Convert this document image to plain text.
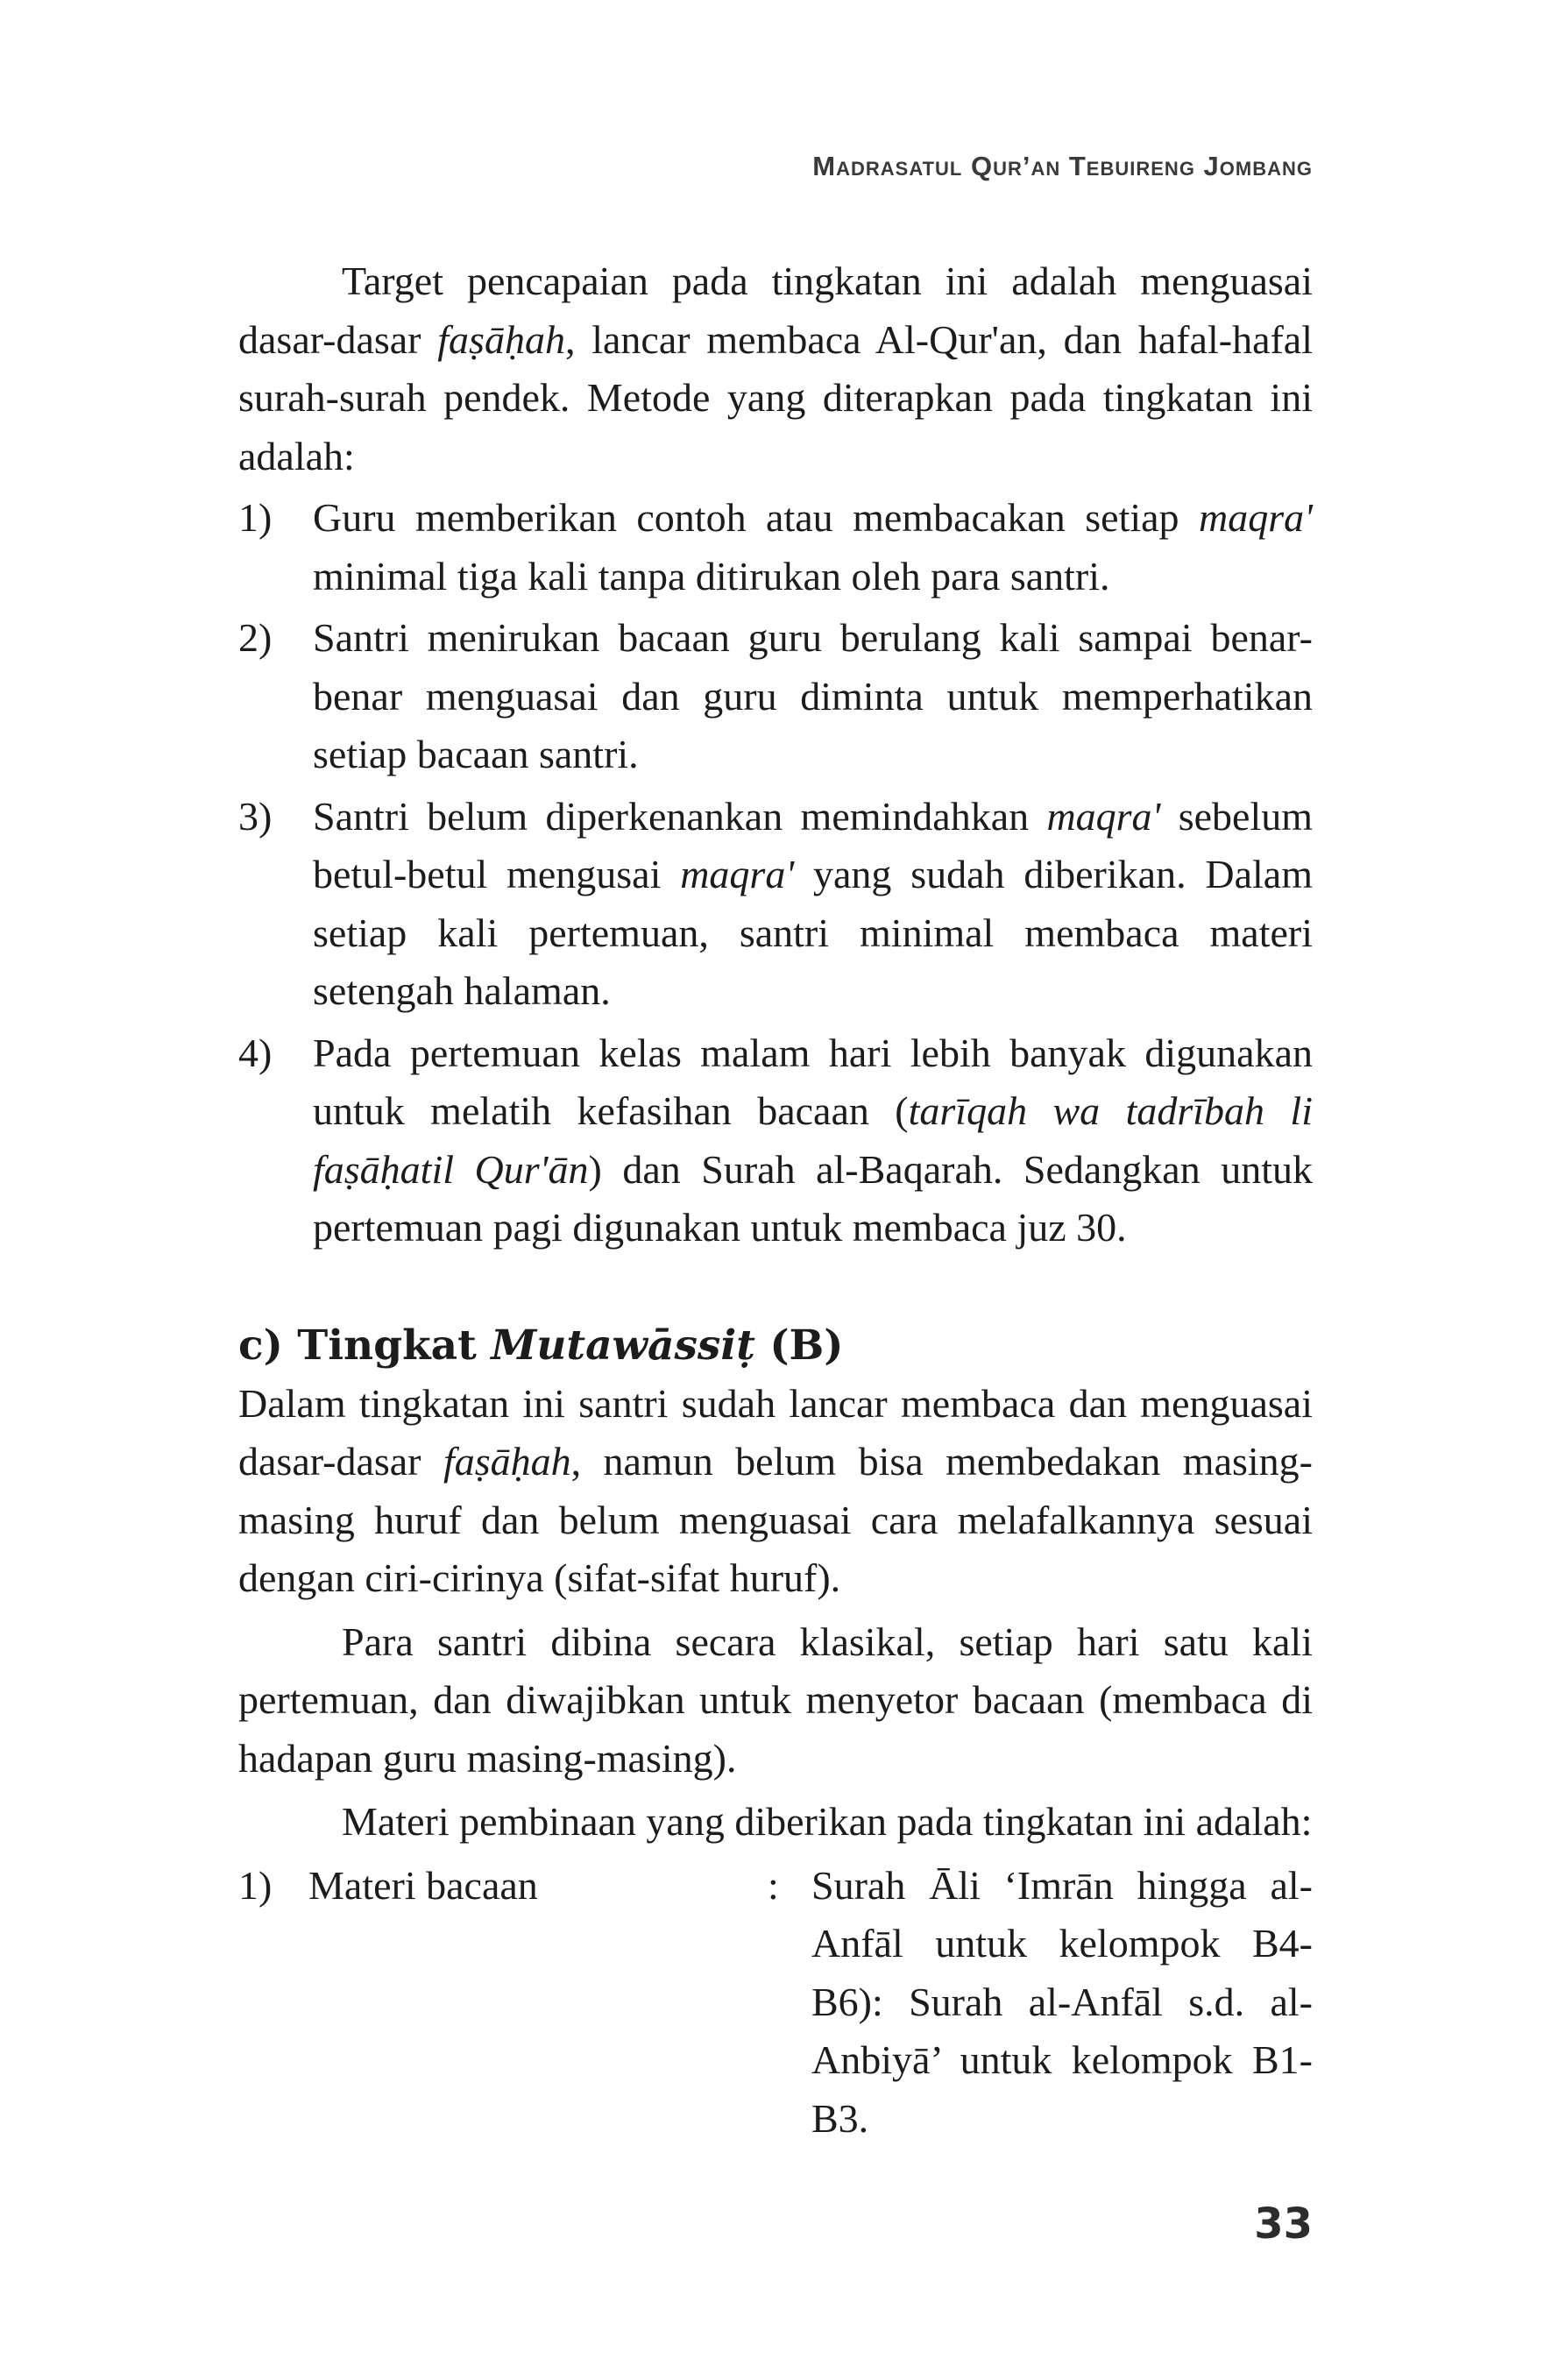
Madrasatul Qur’an Tebuireng Jombang

Target pencapaian pada tingkatan ini adalah menguasai dasar-dasar faṣāḥah, lancar membaca Al-Qur'an, dan hafal-hafal surah-surah pendek. Metode yang diterapkan pada tingkatan ini adalah:

1) Guru memberikan contoh atau membacakan setiap maqra' minimal tiga kali tanpa ditirukan oleh para santri.
2) Santri menirukan bacaan guru berulang kali sampai benar-benar menguasai dan guru diminta untuk memperhatikan setiap bacaan santri.
3) Santri belum diperkenankan memindahkan maqra' sebelum betul-betul mengusai maqra' yang sudah diberikan. Dalam setiap kali pertemuan, santri minimal membaca materi setengah halaman.
4) Pada pertemuan kelas malam hari lebih banyak digunakan untuk melatih kefasihan bacaan (tarīqah wa tadrībah li faṣāḥatil Qur'ān) dan Surah al-Baqarah. Sedangkan untuk pertemuan pagi digunakan untuk membaca juz 30.
c) Tingkat Mutawāssiṭ (B)

Dalam tingkatan ini santri sudah lancar membaca dan menguasai dasar-dasar faṣāḥah, namun belum bisa membedakan masing-masing huruf dan belum menguasai cara melafalkannya sesuai dengan ciri-cirinya (sifat-sifat huruf).

Para santri dibina secara klasikal, setiap hari satu kali pertemuan, dan diwajibkan untuk menyetor bacaan (membaca di hadapan guru masing-masing).

Materi pembinaan yang diberikan pada tingkatan ini adalah:

1) Materi bacaan	: Surah Āli ‘Imrān hingga al-Anfāl untuk kelompok B4-B6): Surah al-Anfāl s.d. al-Anbiyā’ untuk kelompok B1-B3.
33
